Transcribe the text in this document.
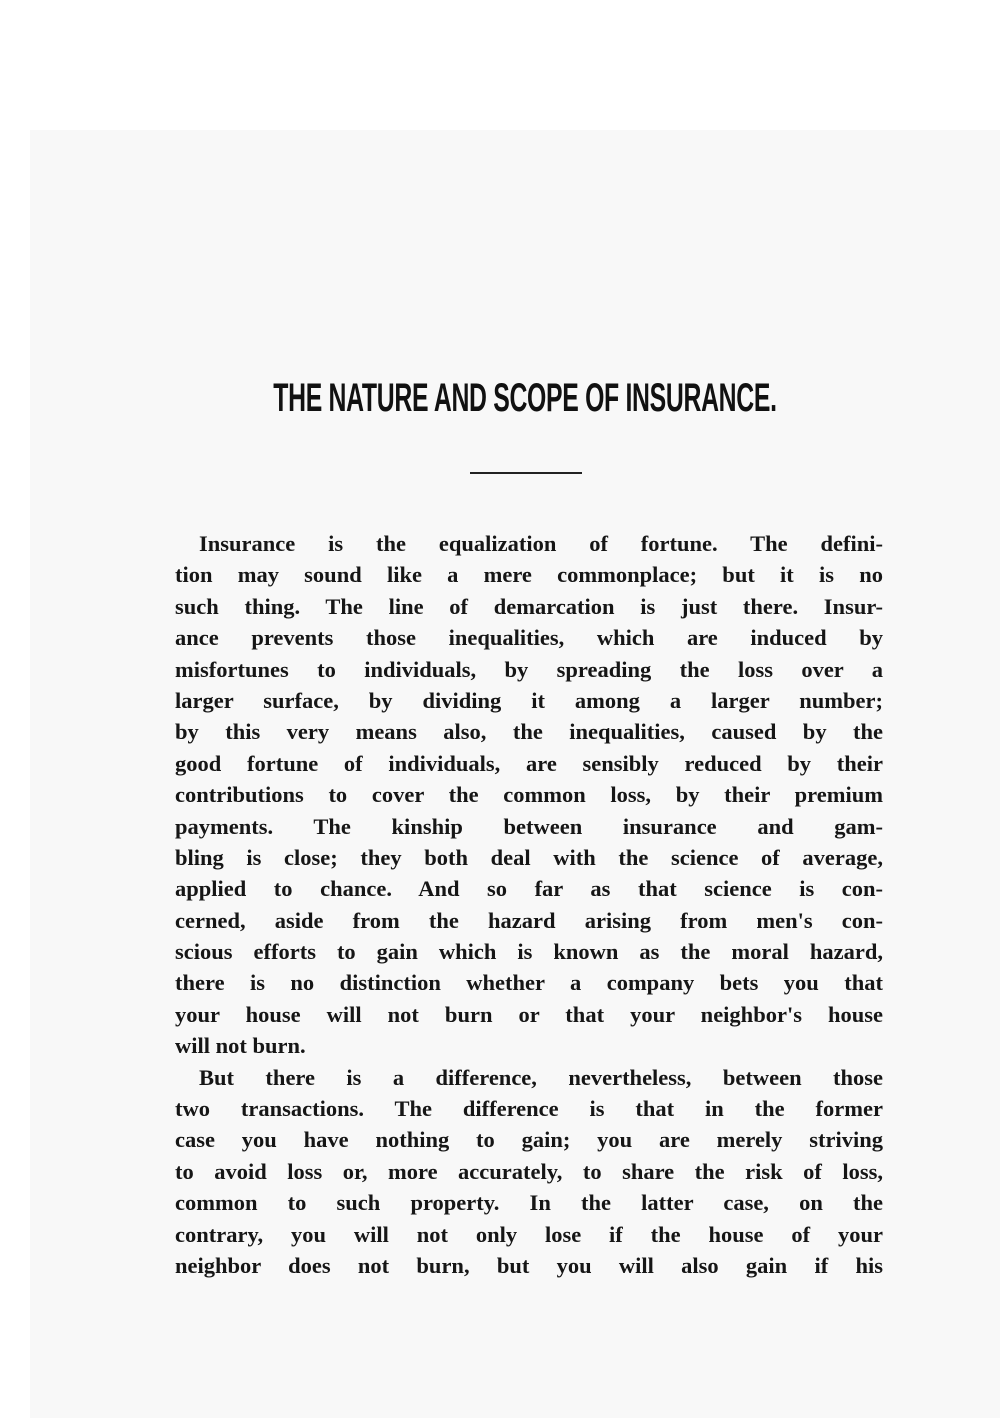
THE NATURE AND SCOPE OF INSURANCE.
Insurance is the equalization of fortune. The defini-
tion may sound like a mere commonplace; but it is no
such thing. The line of demarcation is just there. Insur-
ance prevents those inequalities, which are induced by
misfortunes to individuals, by spreading the loss over a
larger surface, by dividing it among a larger number;
by this very means also, the inequalities, caused by the
good fortune of individuals, are sensibly reduced by their
contributions to cover the common loss, by their premium
payments. The kinship between insurance and gam-
bling is close; they both deal with the science of average,
applied to chance. And so far as that science is con-
cerned, aside from the hazard arising from men's con-
scious efforts to gain which is known as the moral hazard,
there is no distinction whether a company bets you that
your house will not burn or that your neighbor's house
will not burn.
But there is a difference, nevertheless, between those
two transactions. The difference is that in the former
case you have nothing to gain; you are merely striving
to avoid loss or, more accurately, to share the risk of loss,
common to such property. In the latter case, on the
contrary, you will not only lose if the house of your
neighbor does not burn, but you will also gain if his
